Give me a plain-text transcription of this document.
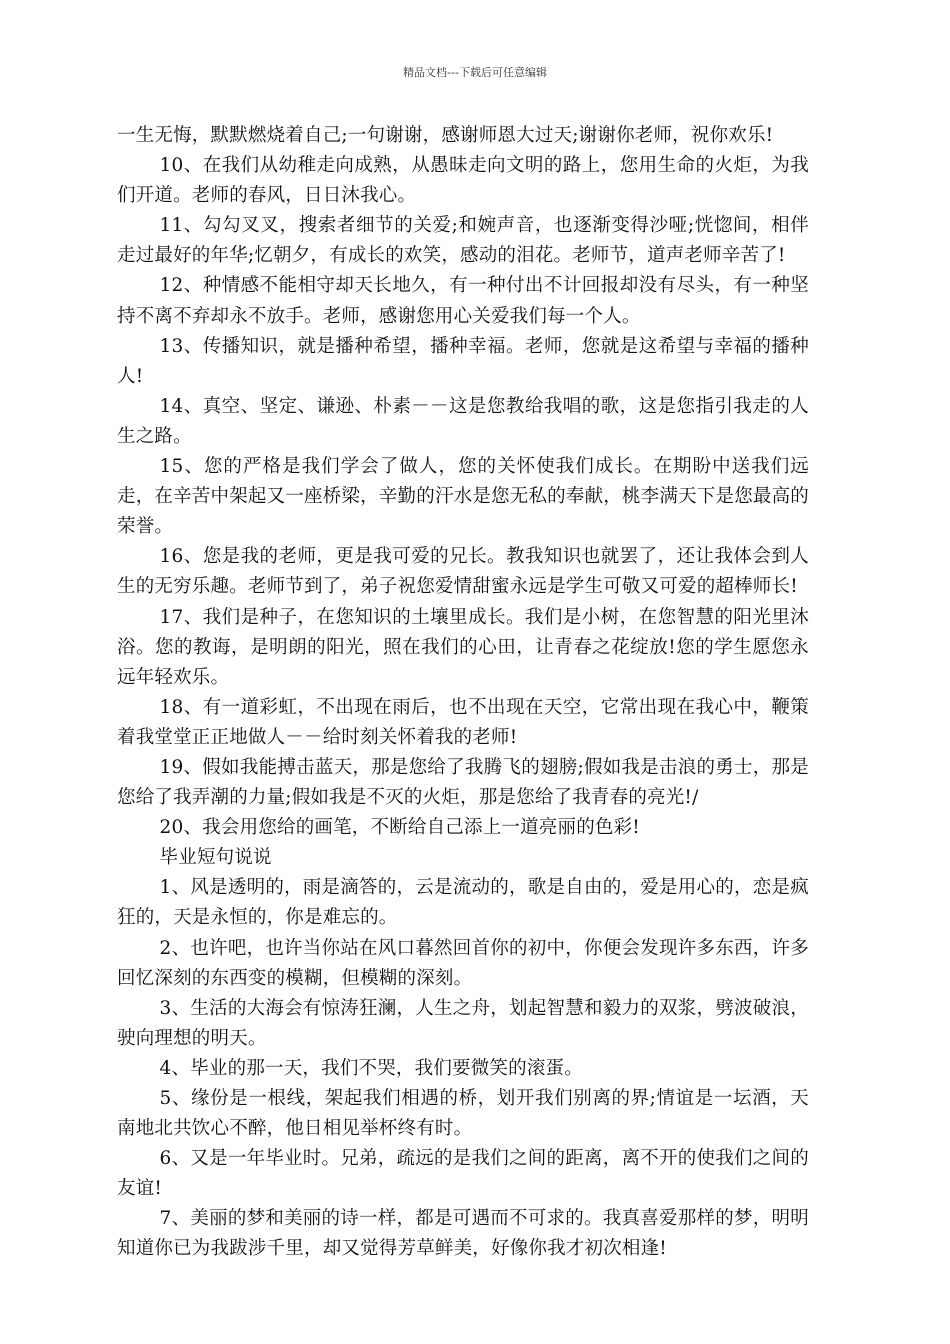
精品文档---下载后可任意编辑

一生无悔，默默燃烧着自己;一句谢谢，感谢师恩大过天;谢谢你老师，祝你欢乐!

10、在我们从幼稚走向成熟，从愚昧走向文明的路上，您用生命的火炬，为我们开道。老师的春风，日日沐我心。

11、勾勾叉叉，搜索者细节的关爱;和婉声音，也逐渐变得沙哑;恍惚间，相伴走过最好的年华;忆朝夕，有成长的欢笑，感动的泪花。老师节，道声老师辛苦了!

12、种情感不能相守却天长地久，有一种付出不计回报却没有尽头，有一种坚持不离不弃却永不放手。老师，感谢您用心关爱我们每一个人。

13、传播知识，就是播种希望，播种幸福。老师，您就是这希望与幸福的播种人!

14、真空、坚定、谦逊、朴素－－这是您教给我唱的歌，这是您指引我走的人生之路。

15、您的严格是我们学会了做人，您的关怀使我们成长。在期盼中送我们远走，在辛苦中架起又一座桥梁，辛勤的汗水是您无私的奉献，桃李满天下是您最高的荣誉。

16、您是我的老师，更是我可爱的兄长。教我知识也就罢了，还让我体会到人生的无穷乐趣。老师节到了，弟子祝您爱情甜蜜永远是学生可敬又可爱的超棒师长!

17、我们是种子，在您知识的土壤里成长。我们是小树，在您智慧的阳光里沐浴。您的教诲，是明朗的阳光，照在我们的心田，让青春之花绽放!您的学生愿您永远年轻欢乐。

18、有一道彩虹，不出现在雨后，也不出现在天空，它常出现在我心中，鞭策着我堂堂正正地做人－－给时刻关怀着我的老师!

19、假如我能搏击蓝天，那是您给了我腾飞的翅膀;假如我是击浪的勇士，那是您给了我弄潮的力量;假如我是不灭的火炬，那是您给了我青春的亮光!/

20、我会用您给的画笔，不断给自己添上一道亮丽的色彩!

毕业短句说说

1、风是透明的，雨是滴答的，云是流动的，歌是自由的，爱是用心的，恋是疯狂的，天是永恒的，你是难忘的。

2、也许吧，也许当你站在风口暮然回首你的初中，你便会发现许多东西，许多回忆深刻的东西变的模糊，但模糊的深刻。

3、生活的大海会有惊涛狂澜，人生之舟，划起智慧和毅力的双浆，劈波破浪，驶向理想的明天。

4、毕业的那一天，我们不哭，我们要微笑的滚蛋。

5、缘份是一根线，架起我们相遇的桥，划开我们别离的界;情谊是一坛酒，天南地北共饮心不醉，他日相见举杯终有时。

6、又是一年毕业时。兄弟，疏远的是我们之间的距离，离不开的使我们之间的友谊!

7、美丽的梦和美丽的诗一样，都是可遇而不可求的。我真喜爱那样的梦，明明知道你已为我跋涉千里，却又觉得芳草鲜美，好像你我才初次相逢!
